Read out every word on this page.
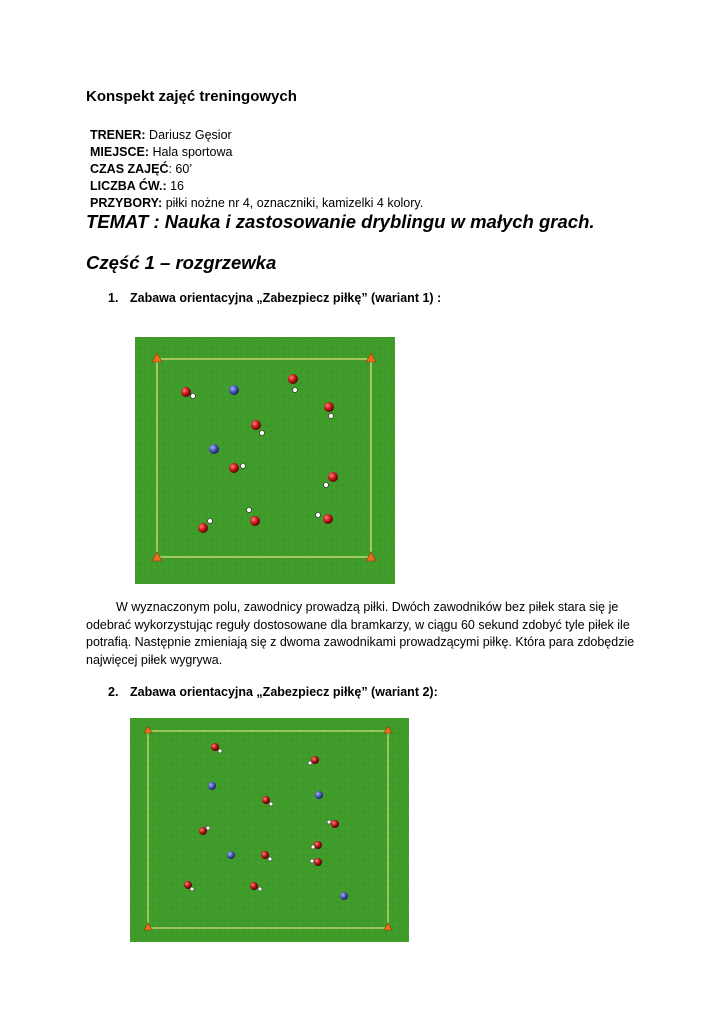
Konspekt zajęć treningowych
TRENER: Dariusz Gęsior
MIEJSCE: Hala sportowa
CZAS ZAJĘĆ: 60’
LICZBA ĆW.: 16
PRZYBORY: piłki nożne nr 4, oznaczniki, kamizelki 4 kolory.
TEMAT : Nauka i zastosowanie dryblingu w małych grach.
Część 1 – rozgrzewka
1. Zabawa orientacyjna „Zabezpiecz piłkę” (wariant 1) :
W wyznaczonym polu, zawodnicy prowadzą piłki. Dwóch zawodników bez piłek stara się je odebrać wykorzystując reguły dostosowane dla bramkarzy, w ciągu 60 sekund zdobyć tyle piłek ile potrafią. Następnie zmieniają się z dwoma zawodnikami prowadzącymi piłkę. Która para zdobędzie najwięcej piłek wygrywa.
2. Zabawa orientacyjna „Zabezpiecz piłkę” (wariant 2):
